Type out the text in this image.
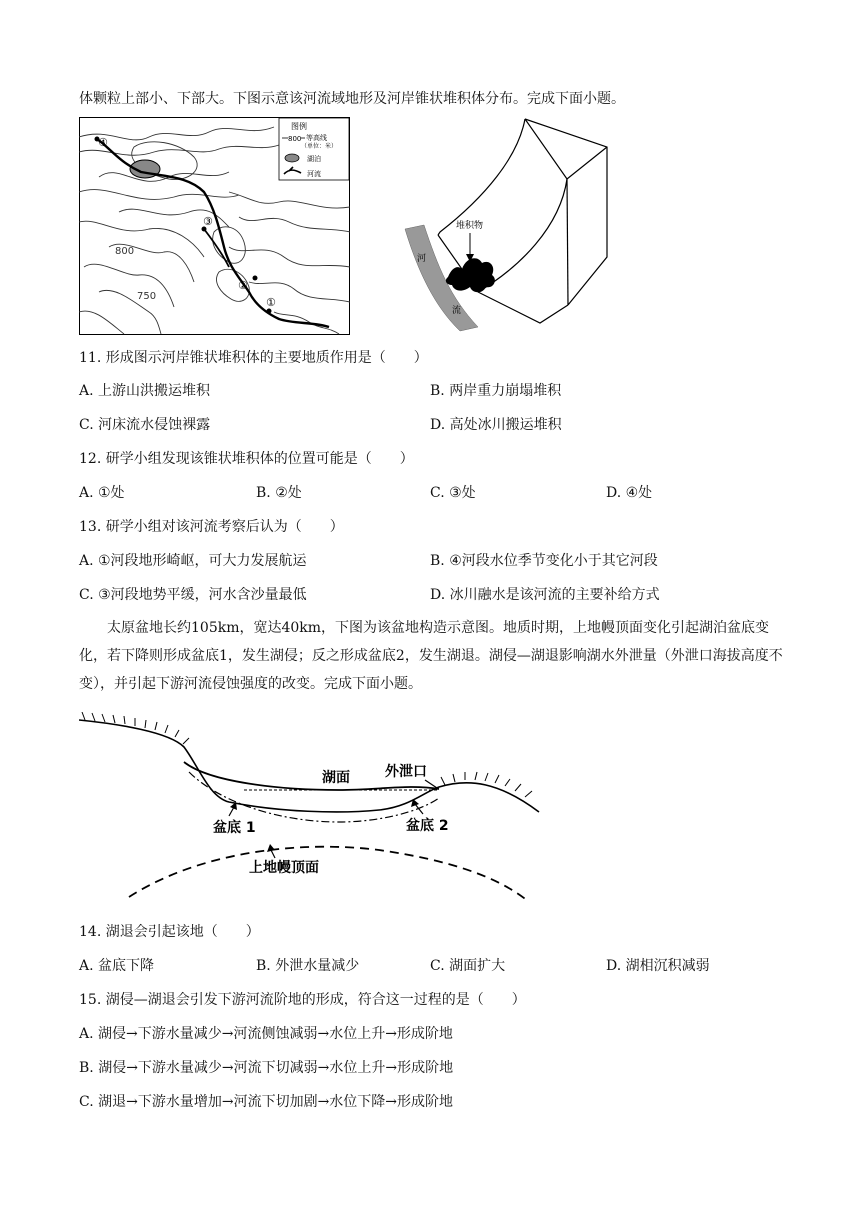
体颗粒上部小、下部大。下图示意该河流域地形及河岸锥状堆积体分布。完成下面小题。
④
③
②
①
800
750
图例
800 等高线
（单位：米）
湖泊
河流
堆积物
河
流
11. 形成图示河岸锥状堆积体的主要地质作用是（　　）
A. 上游山洪搬运堆积	B. 两岸重力崩塌堆积
C. 河床流水侵蚀裸露	D. 高处冰川搬运堆积
12. 研学小组发现该锥状堆积体的位置可能是（　　）
A. ①处	B. ②处	C. ③处	D. ④处
13. 研学小组对该河流考察后认为（　　）
A. ①河段地形崎岖，可大力发展航运	B. ④河段水位季节变化小于其它河段
C. ③河段地势平缓，河水含沙量最低	D. 冰川融水是该河流的主要补给方式
太原盆地长约105km，宽达40km，下图为该盆地构造示意图。地质时期，上地幔顶面变化引起湖泊盆底变化，若下降则形成盆底1，发生湖侵；反之形成盆底2，发生湖退。湖侵—湖退影响湖水外泄量（外泄口海拔高度不变），并引起下游河流侵蚀强度的改变。完成下面小题。
湖面	外泄口
盆底 1	盆底 2
上地幔顶面
14. 湖退会引起该地（　　）
A. 盆底下降	B. 外泄水量减少	C. 湖面扩大	D. 湖相沉积减弱
15. 湖侵—湖退会引发下游河流阶地的形成，符合这一过程的是（　　）
A. 湖侵→下游水量减少→河流侧蚀减弱→水位上升→形成阶地
B. 湖侵→下游水量减少→河流下切减弱→水位上升→形成阶地
C. 湖退→下游水量增加→河流下切加剧→水位下降→形成阶地
